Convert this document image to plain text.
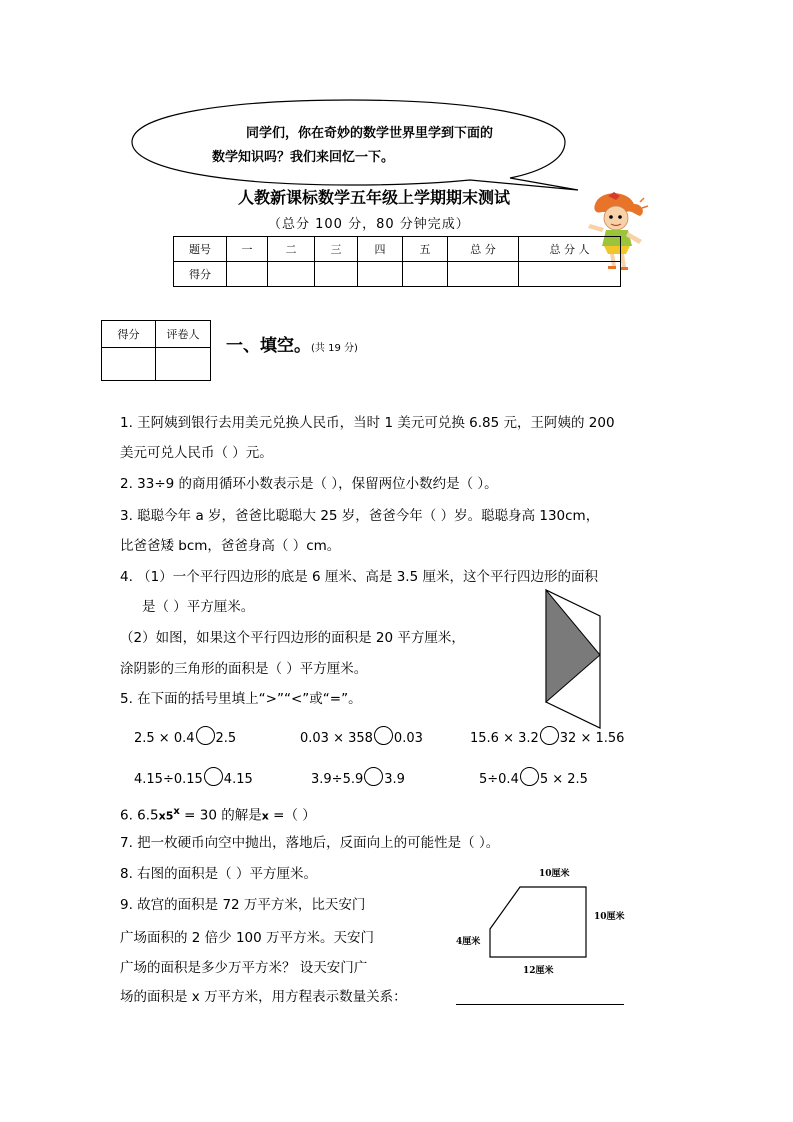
同学们，你在奇妙的数学世界里学到下面的
数学知识吗？我们来回忆一下。
人教新课标数学五年级上学期期末测试
（总分 100 分，80 分钟完成）
题号	一	二	三	四	五	总 分	总 分 人
得分							
得分	评卷人

一、填空。(共 19 分)
1. 王阿姨到银行去用美元兑换人民币，当时 1 美元可兑换 6.85 元，王阿姨的 200
美元可兑人民币（ ）元。
2. 33÷9 的商用循环小数表示是（ ），保留两位小数约是（ ）。
3. 聪聪今年 a 岁，爸爸比聪聪大 25 岁，爸爸今年（ ）岁。聪聪身高 130cm，
比爸爸矮 bcm，爸爸身高（ ）cm。
4. （1）一个平行四边形的底是 6 厘米、高是 3.5 厘米，这个平行四边形的面积
是（ ）平方厘米。
（2）如图，如果这个平行四边形的面积是 20 平方厘米，
涂阴影的三角形的面积是（ ）平方厘米。
5. 在下面的括号里填上“>”“<”或“=”。
2.5 × 0.4 2.5	0.03 × 358 0.03	15.6 × 3.2 32 × 1.56
4.15÷0.15 4.15	3.9÷5.9 3.9	5÷0.4 5 × 2.5
6. $6.5x5^x = 30$ 的解是x =（ ）
7. 把一枚硬币向空中抛出，落地后，反面向上的可能性是（ ）。
8. 右图的面积是（ ）平方厘米。
9. 故宫的面积是 72 万平方米，比天安门
广场面积的 2 倍少 100 万平方米。天安门
广场的面积是多少万平方米？ 设天安门广
场的面积是 x 万平方米，用方程表示数量关系：
10厘米
10厘米
4厘米
12厘米
